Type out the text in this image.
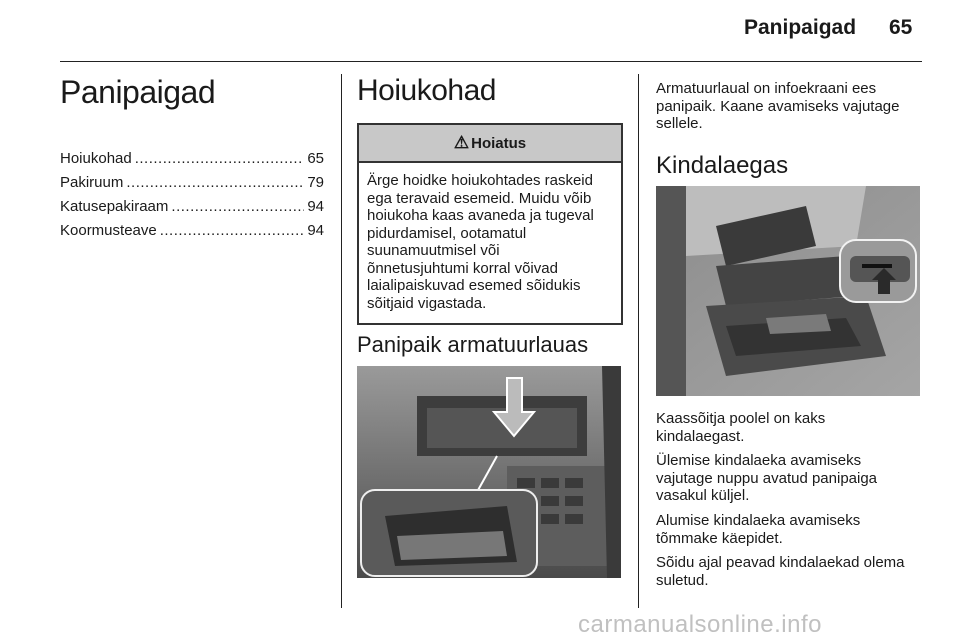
Panipaigad 65
Panipaigad
Hoiukohad .....	65
Pakiruum .....	79
Katusepakiraam .....	94
Koormusteave .....	94
Hoiukohad
⚠ Hoiatus
Ärge hoidke hoiukohtades raskeid
ega teravaid esemeid. Muidu võib
hoiukoha kaas avaneda ja tugeval
pidurdamisel, ootamatul
suunamuutmisel või
õnnetusjuhtumi korral võivad
laialipaiskuvad esemed sõidukis
sõitjaid vigastada.
Panipaik armatuurlauas
Armatuurlaual on infoekraani ees
panipaik. Kaane avamiseks vajutage
sellele.
Kindalaegas
Kaassõitja poolel on kaks
kindalaegast.
Ülemise kindalaeka avamiseks
vajutage nuppu avatud panipaiga
vasakul küljel.
Alumise kindalaeka avamiseks
tõmmake käepidet.
Sõidu ajal peavad kindalaekad olema
suletud.
carmanualsonline.info
